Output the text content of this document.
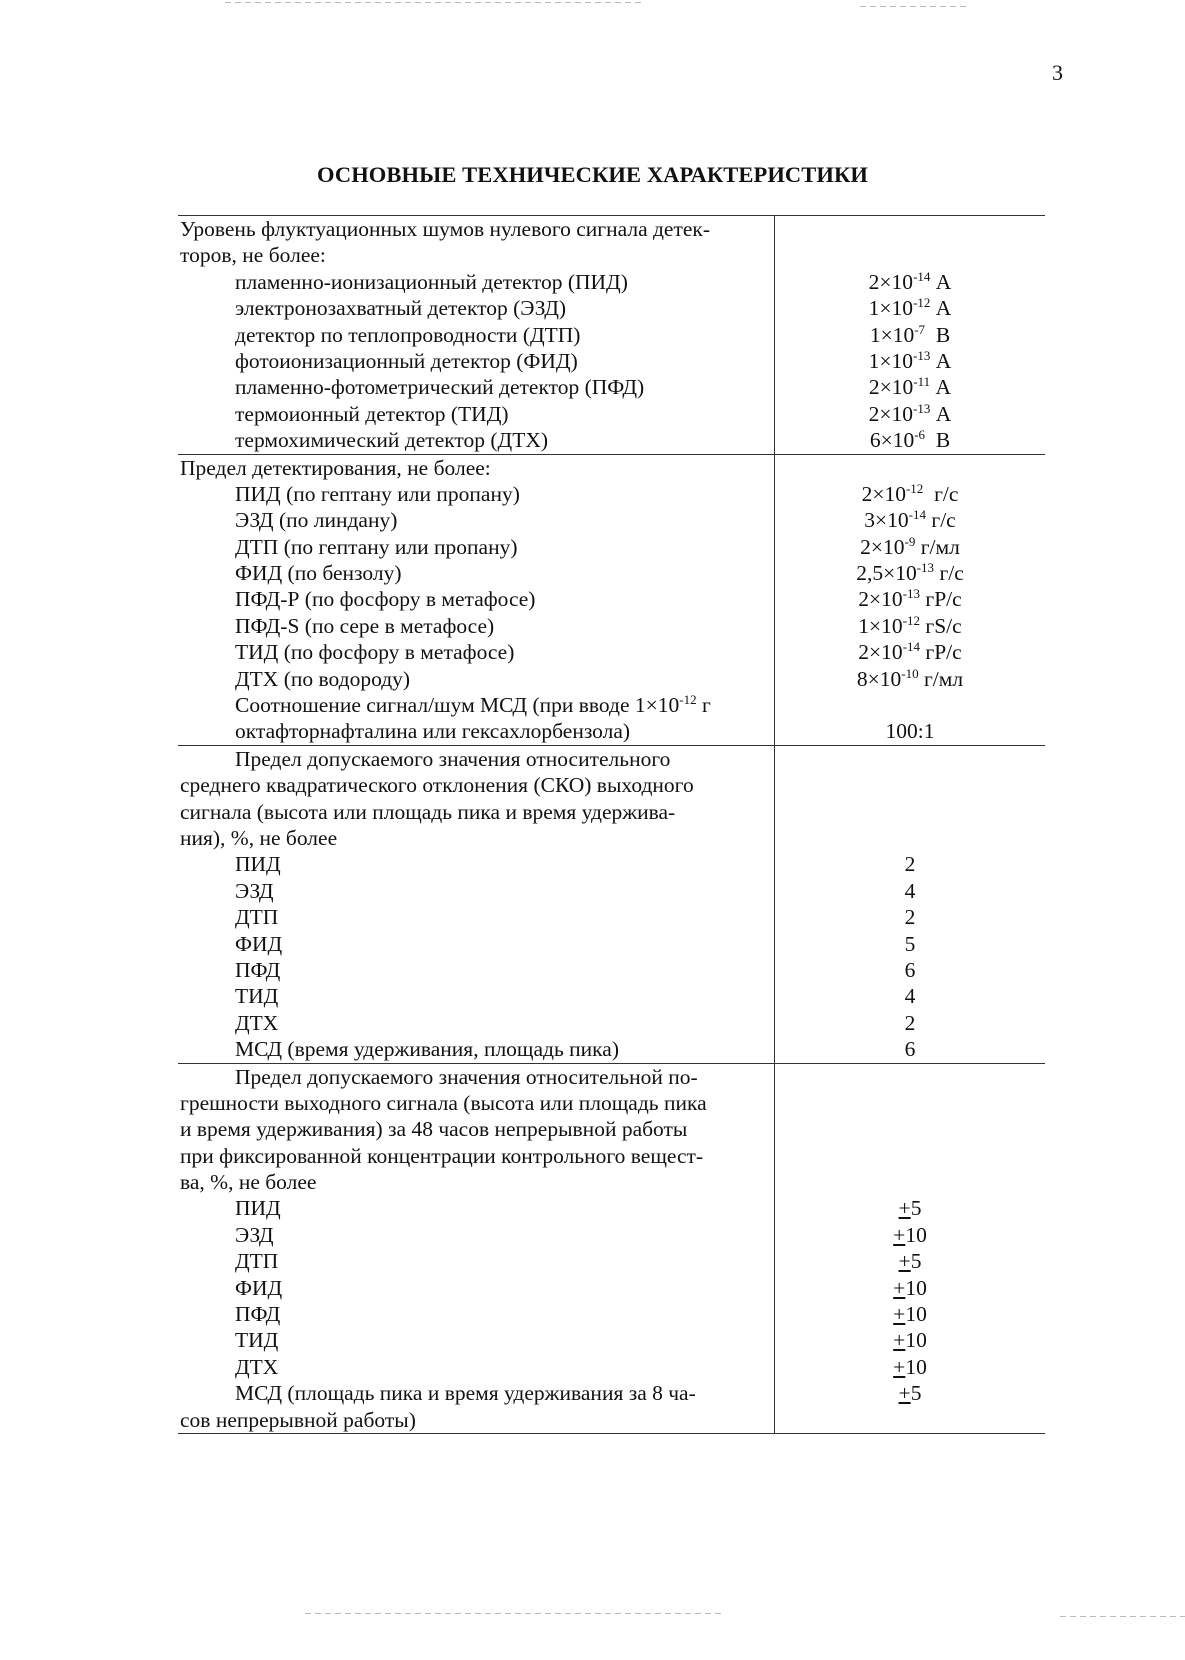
3
ОСНОВНЫЕ ТЕХНИЧЕСКИЕ ХАРАКТЕРИСТИКИ
Уровень флуктуационных шумов нулевого сигнала детек-
торов, не более:
пламенно-ионизационный детектор (ПИД)
электронозахватный детектор (ЭЗД)
детектор по теплопроводности (ДТП)
фотоионизационный детектор (ФИД)
пламенно-фотометрический детектор (ПФД)
термоионный детектор (ТИД)
термохимический детектор (ДТХ)
$2\times 10^{-14}$ А
$1\times 10^{-12}$ А
$1\times 10^{-7}$  В
$1\times 10^{-13}$ А
$2\times 10^{-11}$ А
$2\times 10^{-13}$ А
$6\times 10^{-6}$  В
Предел детектирования, не более:
ПИД (по гептану или пропану)
ЭЗД (по линдану)
ДТП (по гептану или пропану)
ФИД (по бензолу)
ПФД-Р (по фосфору в метафосе)
ПФД-S (по сере в метафосе)
ТИД (по фосфору в метафосе)
ДТХ (по водороду)
Соотношение сигнал/шум МСД (при вводе $1\times 10^{-12}$ г
октафторнафталина или гексахлорбензола)
$2\times 10^{-12}$  г/с
$3\times 10^{-14}$ г/с
$2\times 10^{-9}$ г/мл
$2,5\times 10^{-13}$ г/с
$2\times 10^{-13}$ гР/с
$1\times 10^{-12}$ гS/с
$2\times 10^{-14}$ гР/с
$8\times 10^{-10}$ г/мл
100:1
Предел допускаемого значения относительного
среднего квадратического отклонения (СКО) выходного
сигнала (высота или площадь пика и время удержива-
ния), %, не более
ПИД
ЭЗД
ДТП
ФИД
ПФД
ТИД
ДТХ
МСД (время удерживания, площадь пика)
2
4
2
5
6
4
2
6
Предел допускаемого значения относительной по-
грешности выходного сигнала (высота или площадь пика
и время удерживания) за 48 часов непрерывной работы
при фиксированной концентрации контрольного вещест-
ва, %, не более
ПИД
ЭЗД
ДТП
ФИД
ПФД
ТИД
ДТХ
МСД (площадь пика и время удерживания за 8 ча-
сов непрерывной работы)
+5
+10
+5
+10
+10
+10
+10
+5
